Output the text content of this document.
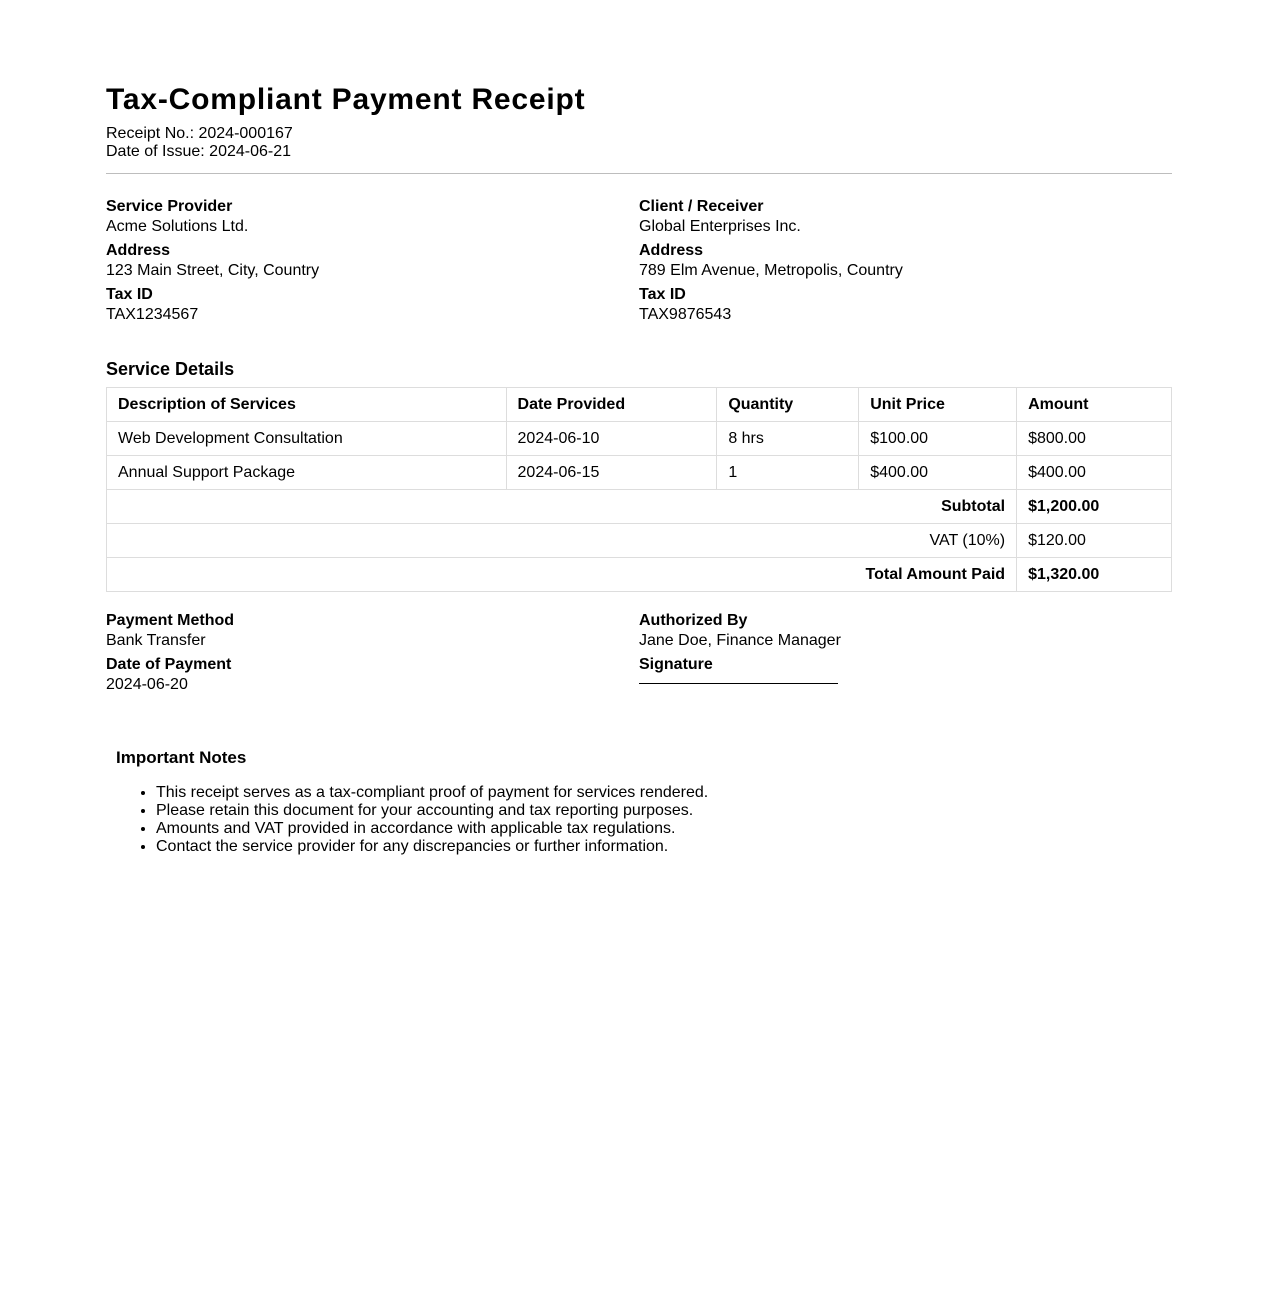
Tax-Compliant Payment Receipt
Receipt No.: 2024-000167
Date of Issue: 2024-06-21
Service Provider
Acme Solutions Ltd.
Address
123 Main Street, City, Country
Tax ID
TAX1234567
Client / Receiver
Global Enterprises Inc.
Address
789 Elm Avenue, Metropolis, Country
Tax ID
TAX9876543
Service Details
Description of Services	Date Provided	Quantity	Unit Price	Amount
Web Development Consultation	2024-06-10	8 hrs	$100.00	$800.00
Annual Support Package	2024-06-15	1	$400.00	$400.00
Subtotal				$1,200.00
VAT (10%)				$120.00
Total Amount Paid				$1,320.00
Payment Method
Bank Transfer
Date of Payment
2024-06-20
Authorized By
Jane Doe, Finance Manager
Signature
Important Notes
• This receipt serves as a tax-compliant proof of payment for services rendered.
• Please retain this document for your accounting and tax reporting purposes.
• Amounts and VAT provided in accordance with applicable tax regulations.
• Contact the service provider for any discrepancies or further information.
